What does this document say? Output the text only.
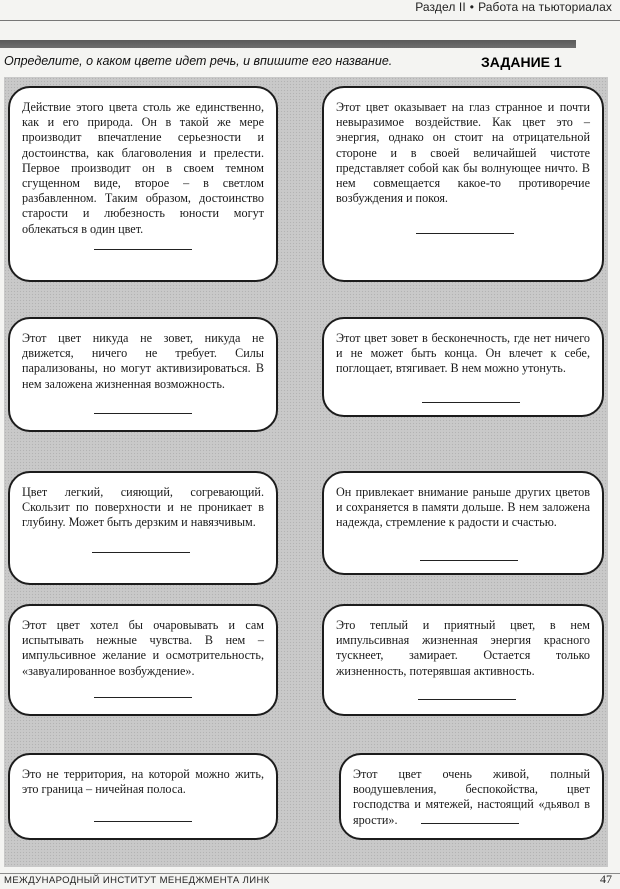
Раздел II • Работа на тьюториалах
Определите, о каком цвете идет речь, и впишите его название.	ЗАДАНИЕ 1

Действие этого цвета столь же единственно, как и его природа. Он в такой же мере производит впечатление серьезности и достоинства, как благоволения и прелести. Первое производит он в своем темном сгущенном виде, второе – в светлом разбавленном. Таким образом, достоинство старости и любезность юности могут облекаться в один цвет.

Этот цвет оказывает на глаз странное и почти невыразимое воздействие. Как цвет это – энергия, однако он стоит на отрицательной стороне и в своей величайшей чистоте представляет собой как бы волнующее ничто. В нем совмещается какое-то противоречие возбуждения и покоя.

Этот цвет никуда не зовет, никуда не движется, ничего не требует. Силы парализованы, но могут активизироваться. В нем заложена жизненная возможность.

Этот цвет зовет в бесконечность, где нет ничего и не может быть конца. Он влечет к себе, поглощает, втягивает. В нем можно утонуть.

Цвет легкий, сияющий, согревающий. Скользит по поверхности и не проникает в глубину. Может быть дерзким и навязчивым.

Он привлекает внимание раньше других цветов и сохраняется в памяти дольше. В нем заложена надежда, стремление к радости и счастью.

Этот цвет хотел бы очаровывать и сам испытывать нежные чувства. В нем – импульсивное желание и осмотрительность, «завуалированное возбуждение».

Это теплый и приятный цвет, в нем импульсивная жизненная энергия красного тускнеет, замирает. Остается только жизненность, потерявшая активность.

Это не территория, на которой можно жить, это граница – ничейная полоса.

Этот цвет очень живой, полный воодушевления, беспокойства, цвет господства и мятежей, настоящий «дьявол в ярости».

МЕЖДУНАРОДНЫЙ ИНСТИТУТ МЕНЕДЖМЕНТА ЛИНК	47
